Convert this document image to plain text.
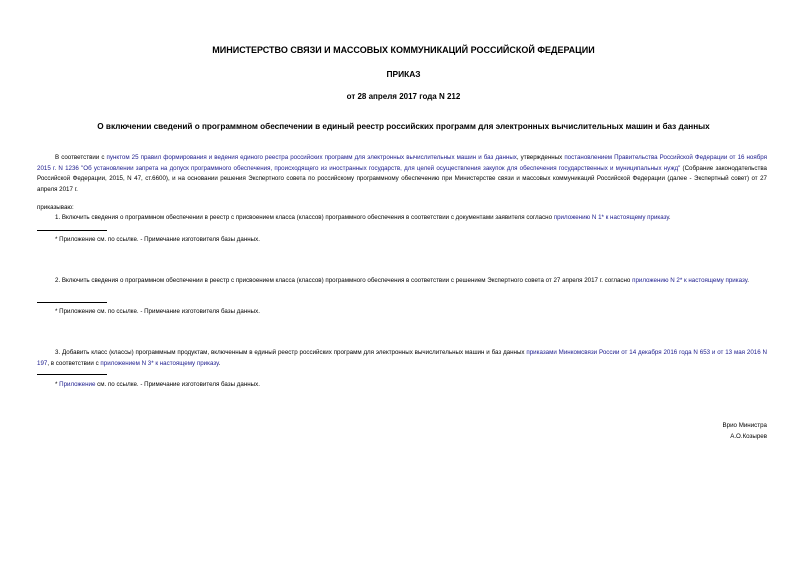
МИНИСТЕРСТВО СВЯЗИ И МАССОВЫХ КОММУНИКАЦИЙ РОССИЙСКОЙ ФЕДЕРАЦИИ
ПРИКАЗ
от 28 апреля 2017 года N 212
О включении сведений о программном обеспечении в единый реестр российских программ для электронных вычислительных машин и баз данных

В соответствии с пунктом 25 правил формирования и ведения единого реестра российских программ для электронных вычислительных машин и баз данных, утвержденных постановлением Правительства Российской Федерации от 16 ноября 2015 г. N 1236 "Об установлении запрета на допуск программного обеспечения, происходящего из иностранных государств, для целей осуществления закупок для обеспечения государственных и муниципальных нужд" (Собрание законодательства Российской Федерации, 2015, N 47, ст.6600), и на основании решения Экспертного совета по российскому программному обеспечению при Министерстве связи и массовых коммуникаций Российской Федерации (далее - Экспертный совет) от 27 апреля 2017 г.

приказываю:

1. Включить сведения о программном обеспечении в реестр с присвоением класса (классов) программного обеспечения в соответствии с документами заявителя согласно приложению N 1* к настоящему приказу.

* Приложение см. по ссылке. - Примечание изготовителя базы данных.

2. Включить сведения о программном обеспечении в реестр с присвоением класса (классов) программного обеспечения в соответствии с решением Экспертного совета от 27 апреля 2017 г. согласно приложению N 2* к настоящему приказу.

* Приложение см. по ссылке. - Примечание изготовителя базы данных.

3. Добавить класс (классы) программным продуктам, включенным в единый реестр российских программ для электронных вычислительных машин и баз данных приказами Минкомсвязи России от 14 декабря 2016 года N 653 и от 13 мая 2016 N 197, в соответствии с приложением N 3* к настоящему приказу.

* Приложение см. по ссылке. - Примечание изготовителя базы данных.
Врио Министра
А.О.Козырев
